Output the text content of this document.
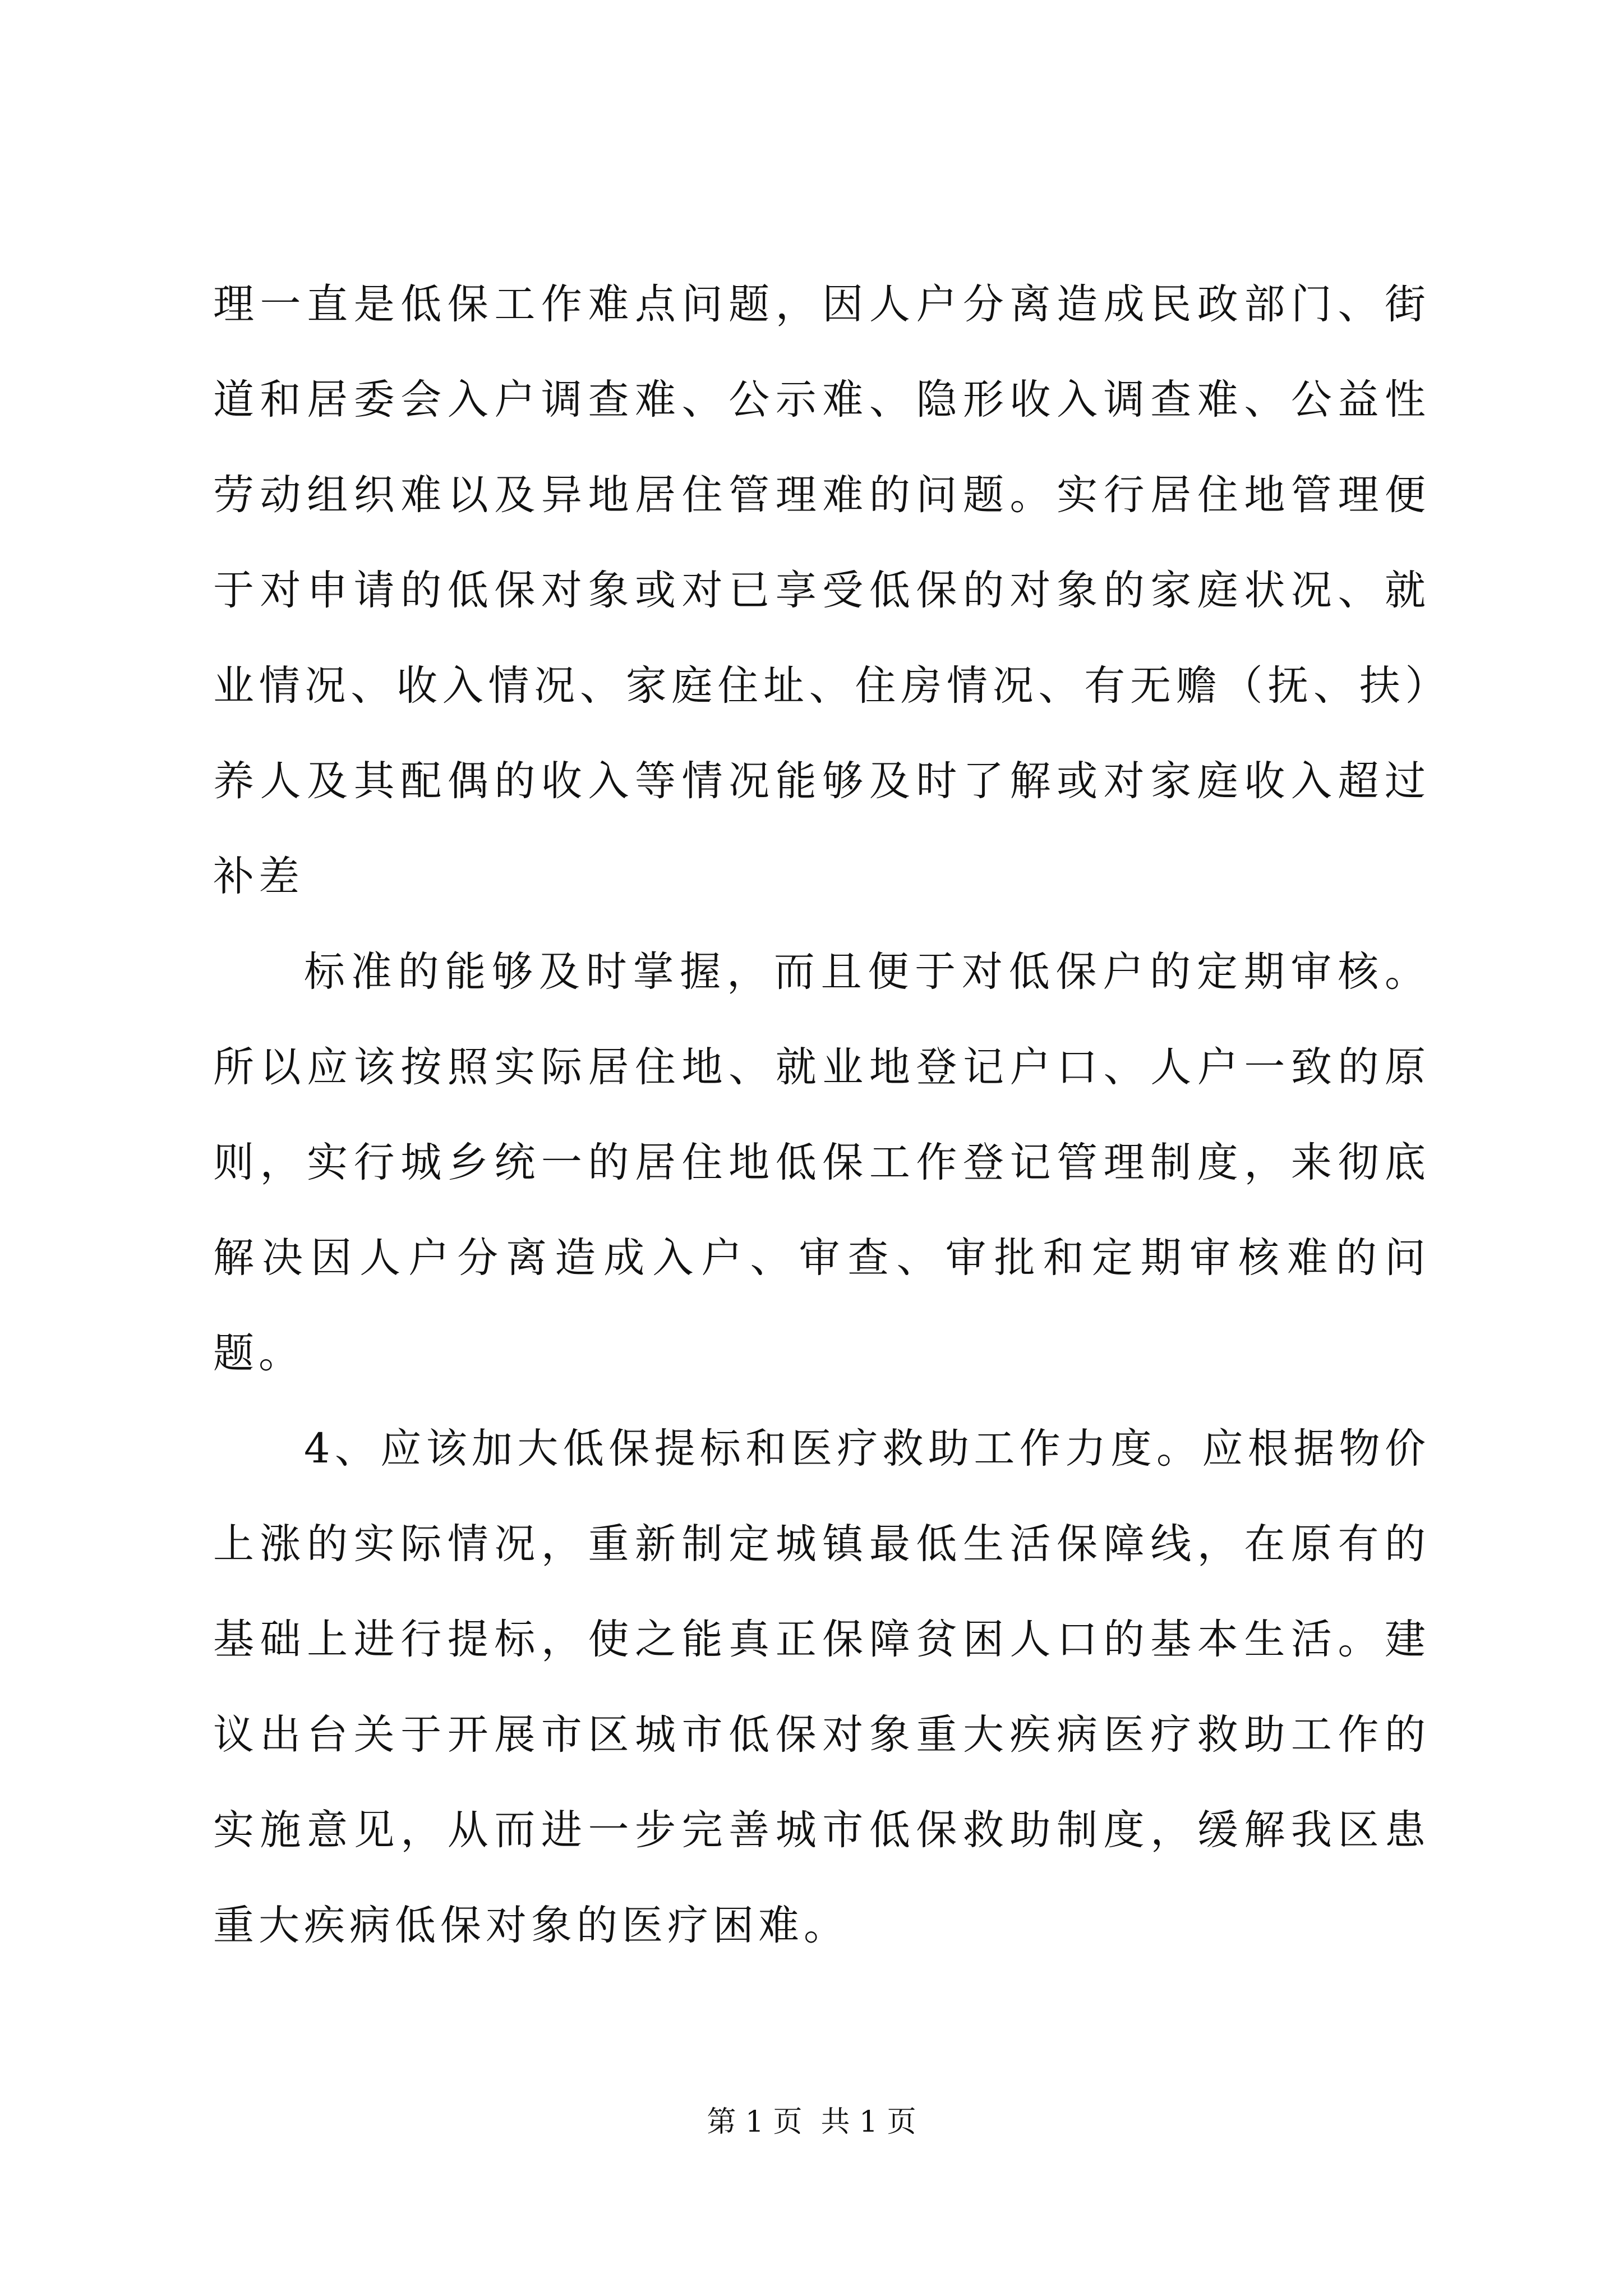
理一直是低保工作难点问题，因人户分离造成民政部门、街道和居委会入户调查难、公示难、隐形收入调查难、公益性劳动组织难以及异地居住管理难的问题。实行居住地管理便于对申请的低保对象或对已享受低保的对象的家庭状况、就业情况、收入情况、家庭住址、住房情况、有无赡（抚、扶）养人及其配偶的收入等情况能够及时了解或对家庭收入超过补差

标准的能够及时掌握，而且便于对低保户的定期审核。所以应该按照实际居住地、就业地登记户口、人户一致的原则，实行城乡统一的居住地低保工作登记管理制度，来彻底解决因人户分离造成入户、审查、审批和定期审核难的问题。

4、应该加大低保提标和医疗救助工作力度。应根据物价上涨的实际情况，重新制定城镇最低生活保障线，在原有的基础上进行提标，使之能真正保障贫困人口的基本生活。建议出台关于开展市区城市低保对象重大疾病医疗救助工作的实施意见，从而进一步完善城市低保救助制度，缓解我区患重大疾病低保对象的医疗困难。

第 1 页  共 1 页
